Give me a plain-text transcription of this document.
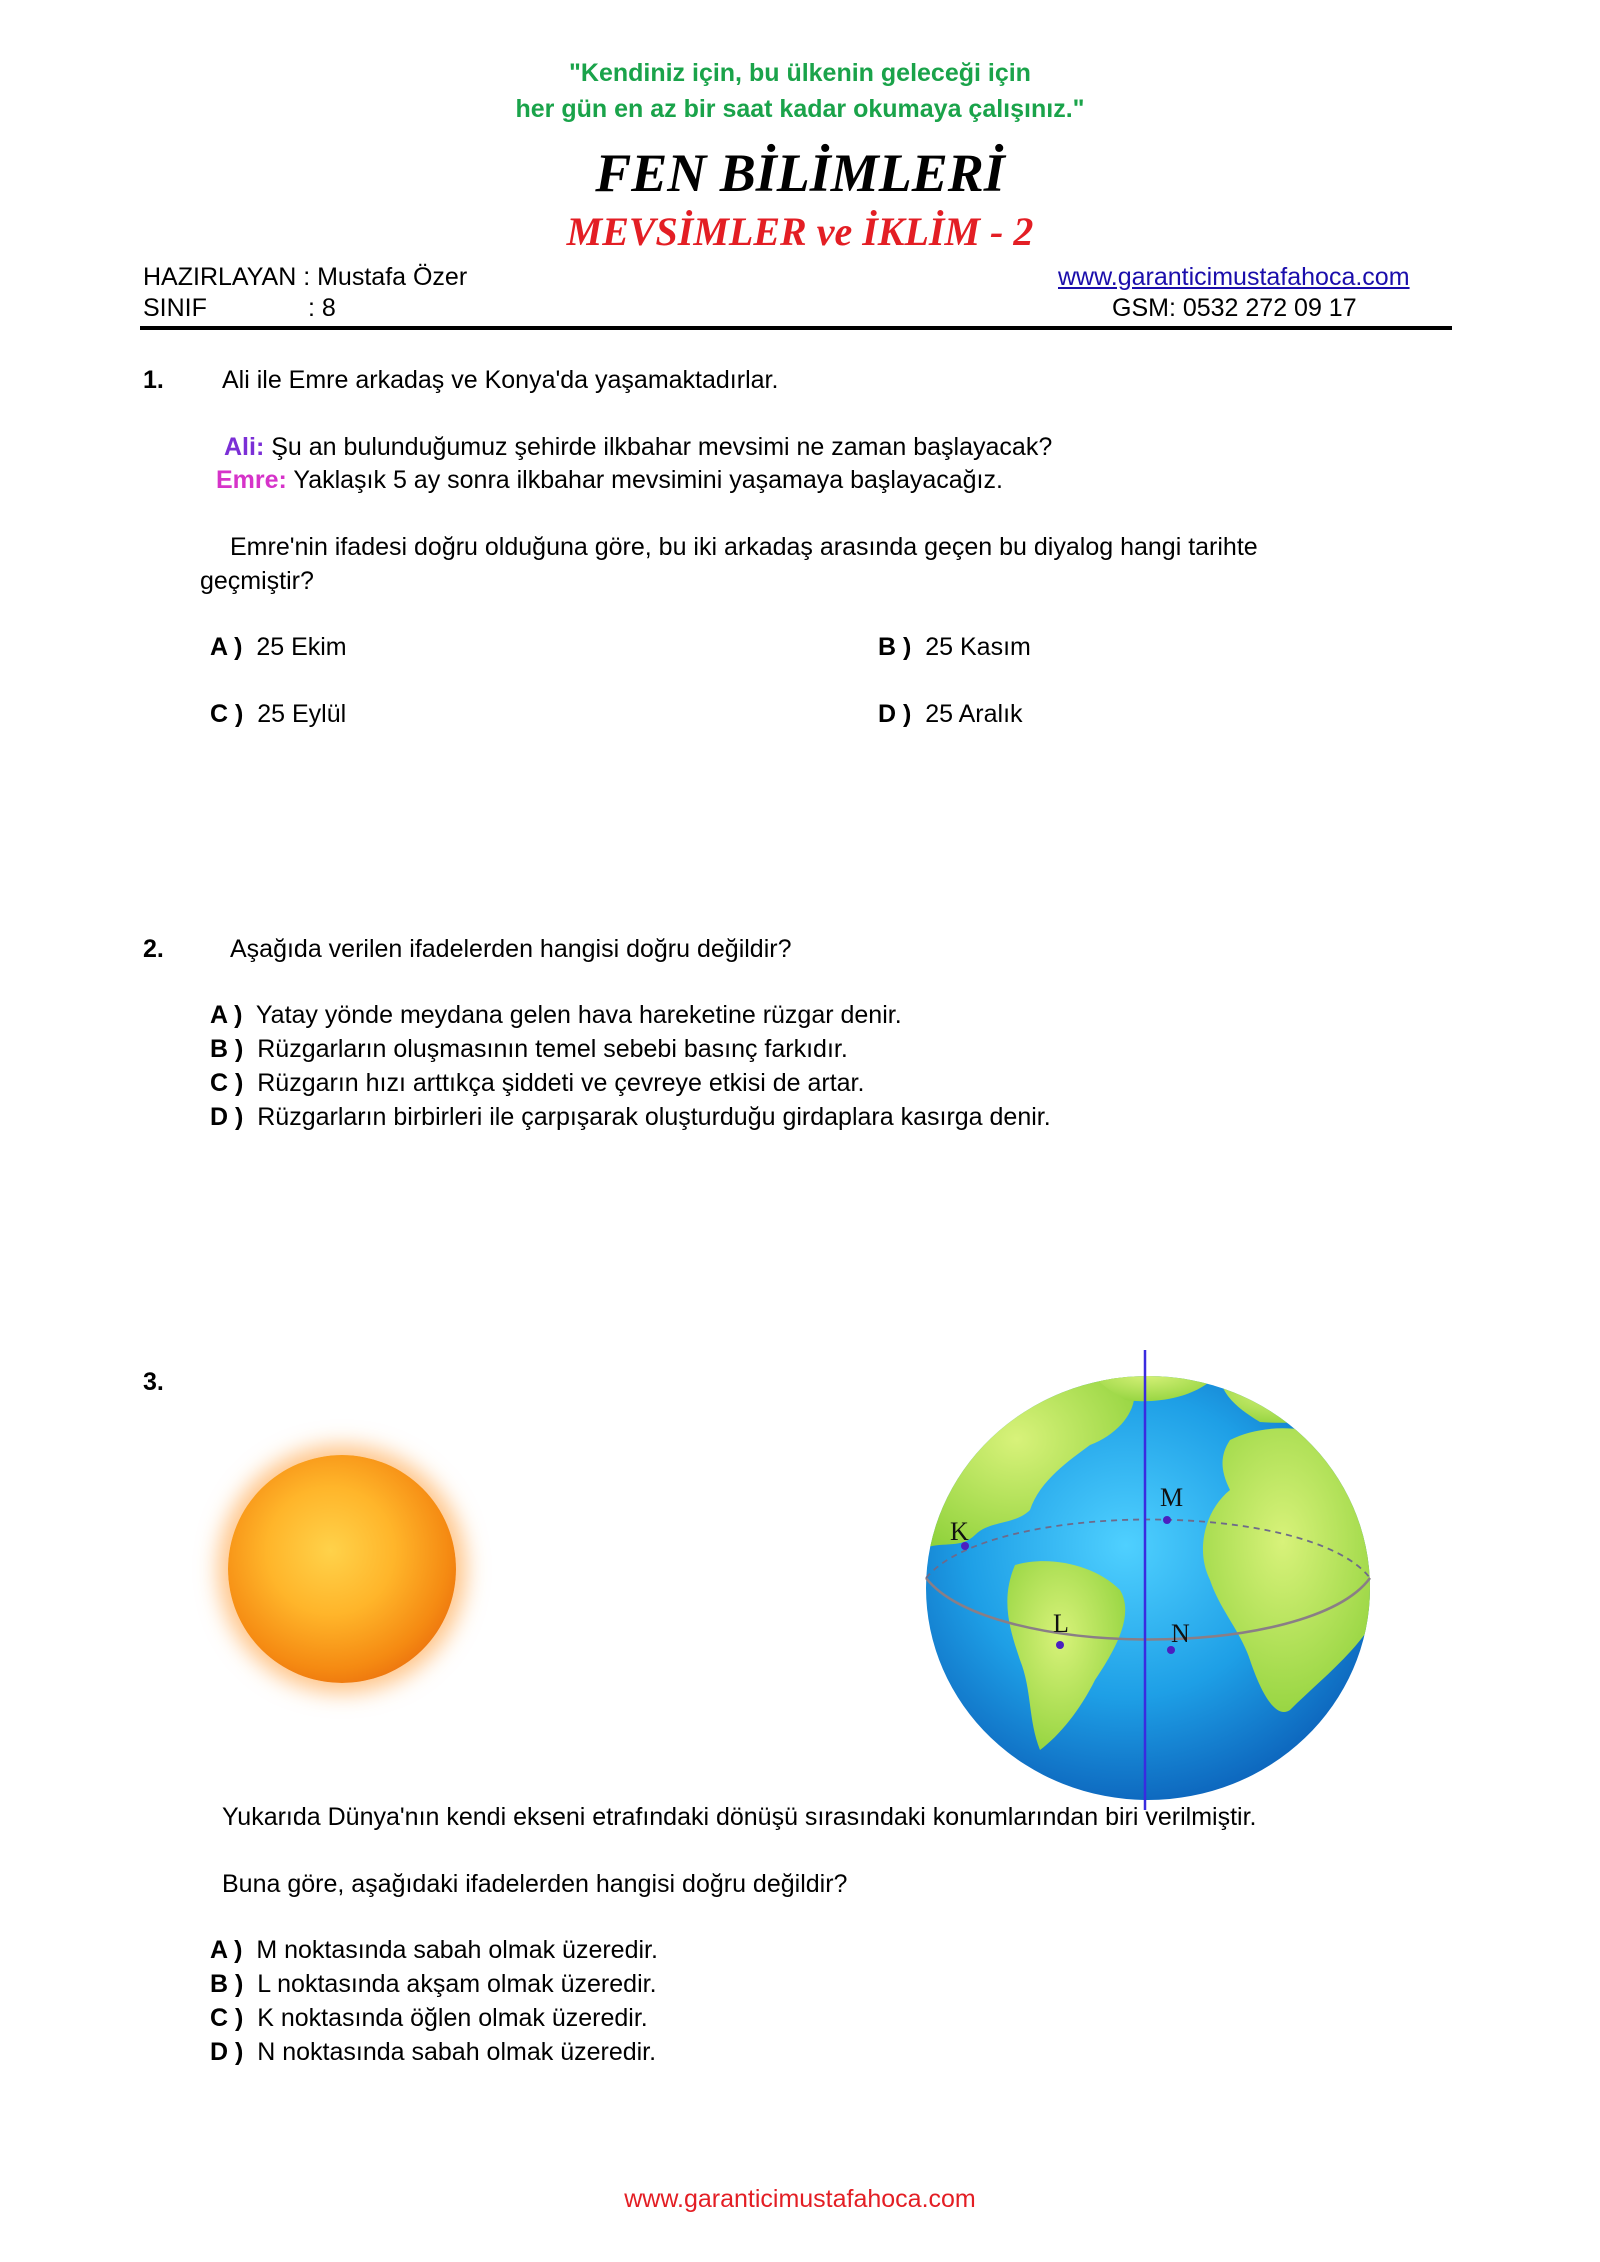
"Kendiniz için, bu ülkenin geleceği için
her gün en az bir saat kadar okumaya çalışınız."
FEN BİLİMLERİ
MEVSİMLER ve İKLİM - 2
HAZIRLAYAN : Mustafa Özer
SINIF	: 8
www.garanticimustafahoca.com
GSM: 0532 272 09 17
1. Ali ile Emre arkadaş ve Konya'da yaşamaktadırlar.
Ali: Şu an bulunduğumuz şehirde ilkbahar mevsimi ne zaman başlayacak?
Emre: Yaklaşık 5 ay sonra ilkbahar mevsimini yaşamaya başlayacağız.
Emre'nin ifadesi doğru olduğuna göre, bu iki arkadaş arasında geçen bu diyalog hangi tarihte
geçmiştir?
A ) 25 Ekim	B ) 25 Kasım
C ) 25 Eylül	D ) 25 Aralık
2.	Aşağıda verilen ifadelerden hangisi doğru değildir?
A ) Yatay yönde meydana gelen hava hareketine rüzgar denir.
B ) Rüzgarların oluşmasının temel sebebi basınç farkıdır.
C ) Rüzgarın hızı arttıkça şiddeti ve çevreye etkisi de artar.
D ) Rüzgarların birbirleri ile çarpışarak oluşturduğu girdaplara kasırga denir.
3.
K
M
L	N
Yukarıda Dünya'nın kendi ekseni etrafındaki dönüşü sırasındaki konumlarından biri verilmiştir.
Buna göre, aşağıdaki ifadelerden hangisi doğru değildir?
A ) M noktasında sabah olmak üzeredir.
B ) L noktasında akşam olmak üzeredir.
C ) K noktasında öğlen olmak üzeredir.
D ) N noktasında sabah olmak üzeredir.
www.garanticimustafahoca.com
